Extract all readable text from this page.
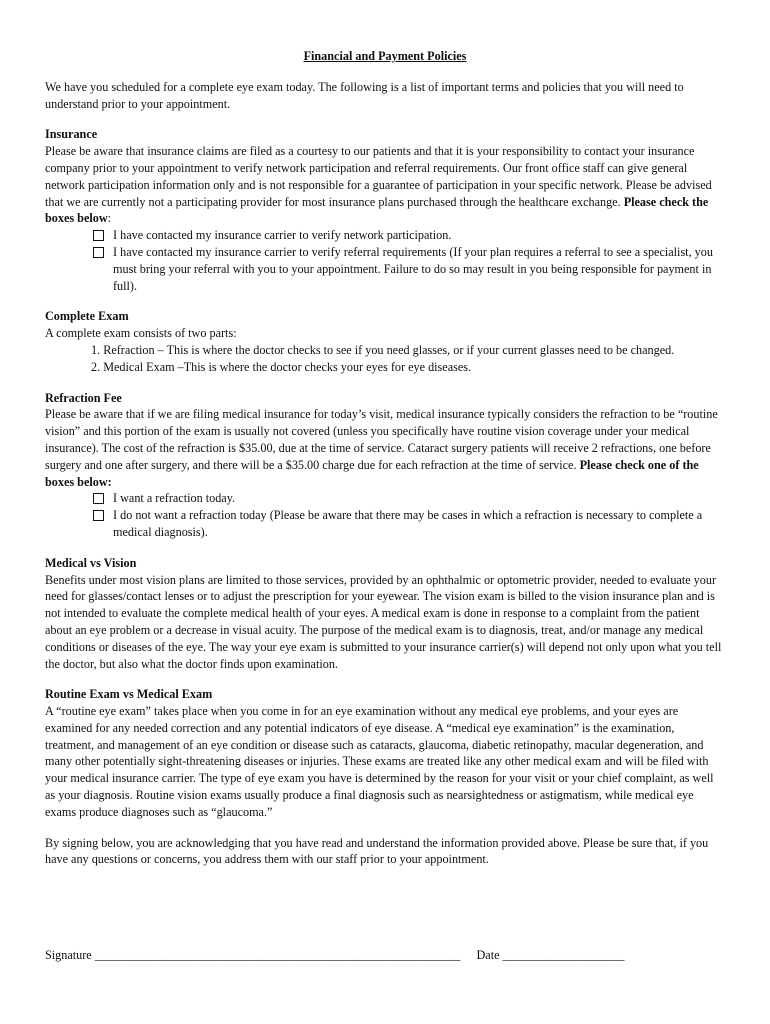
Financial and Payment Policies

We have you scheduled for a complete eye exam today. The following is a list of important terms and policies that you will need to understand prior to your appointment.

Insurance

Please be aware that insurance claims are filed as a courtesy to our patients and that it is your responsibility to contact your insurance company prior to your appointment to verify network participation and referral requirements. Our front office staff can give general network participation information only and is not responsible for a guarantee of participation in your specific network. Please be advised that we are currently not a participating provider for most insurance plans purchased through the healthcare exchange. Please check the boxes below:

I have contacted my insurance carrier to verify network participation.
I have contacted my insurance carrier to verify referral requirements (If your plan requires a referral to see a specialist, you must bring your referral with you to your appointment. Failure to do so may result in you being responsible for payment in full).

Complete Exam

A complete exam consists of two parts:

1. Refraction – This is where the doctor checks to see if you need glasses, or if your current glasses need to be changed.

2. Medical Exam –This is where the doctor checks your eyes for eye diseases.

Refraction Fee

Please be aware that if we are filing medical insurance for today’s visit, medical insurance typically considers the refraction to be “routine vision” and this portion of the exam is usually not covered (unless you specifically have routine vision coverage under your medical insurance). The cost of the refraction is $35.00, due at the time of service. Cataract surgery patients will receive 2 refractions, one before surgery and one after surgery, and there will be a $35.00 charge due for each refraction at the time of service. Please check one of the boxes below:

I want a refraction today.
I do not want a refraction today (Please be aware that there may be cases in which a refraction is necessary to complete a medical diagnosis).

Medical vs Vision

Benefits under most vision plans are limited to those services, provided by an ophthalmic or optometric provider, needed to evaluate your need for glasses/contact lenses or to adjust the prescription for your eyewear. The vision exam is billed to the vision insurance plan and is not intended to evaluate the complete medical health of your eyes. A medical exam is done in response to a complaint from the patient about an eye problem or a decrease in visual acuity. The purpose of the medical exam is to diagnosis, treat, and/or manage any medical conditions or diseases of the eye. The way your eye exam is submitted to your insurance carrier(s) will depend not only upon what you tell the doctor, but also what the doctor finds upon examination.

Routine Exam vs Medical Exam

A “routine eye exam” takes place when you come in for an eye examination without any medical eye problems, and your eyes are examined for any needed correction and any potential indicators of eye disease. A “medical eye examination” is the examination, treatment, and management of an eye condition or disease such as cataracts, glaucoma, diabetic retinopathy, macular degeneration, and many other potentially sight-threatening diseases or injuries. These exams are treated like any other medical exam and will be filed with your medical insurance carrier. The type of eye exam you have is determined by the reason for your visit or your chief complaint, as well as your diagnosis. Routine vision exams usually produce a final diagnosis such as nearsightedness or astigmatism, while medical eye exams produce diagnoses such as “glaucoma.”

By signing below, you are acknowledging that you have read and understand the information provided above. Please be sure that, if you have any questions or concerns, you address them with our staff prior to your appointment.

Signature ____________________________________________________________ Date ____________________
